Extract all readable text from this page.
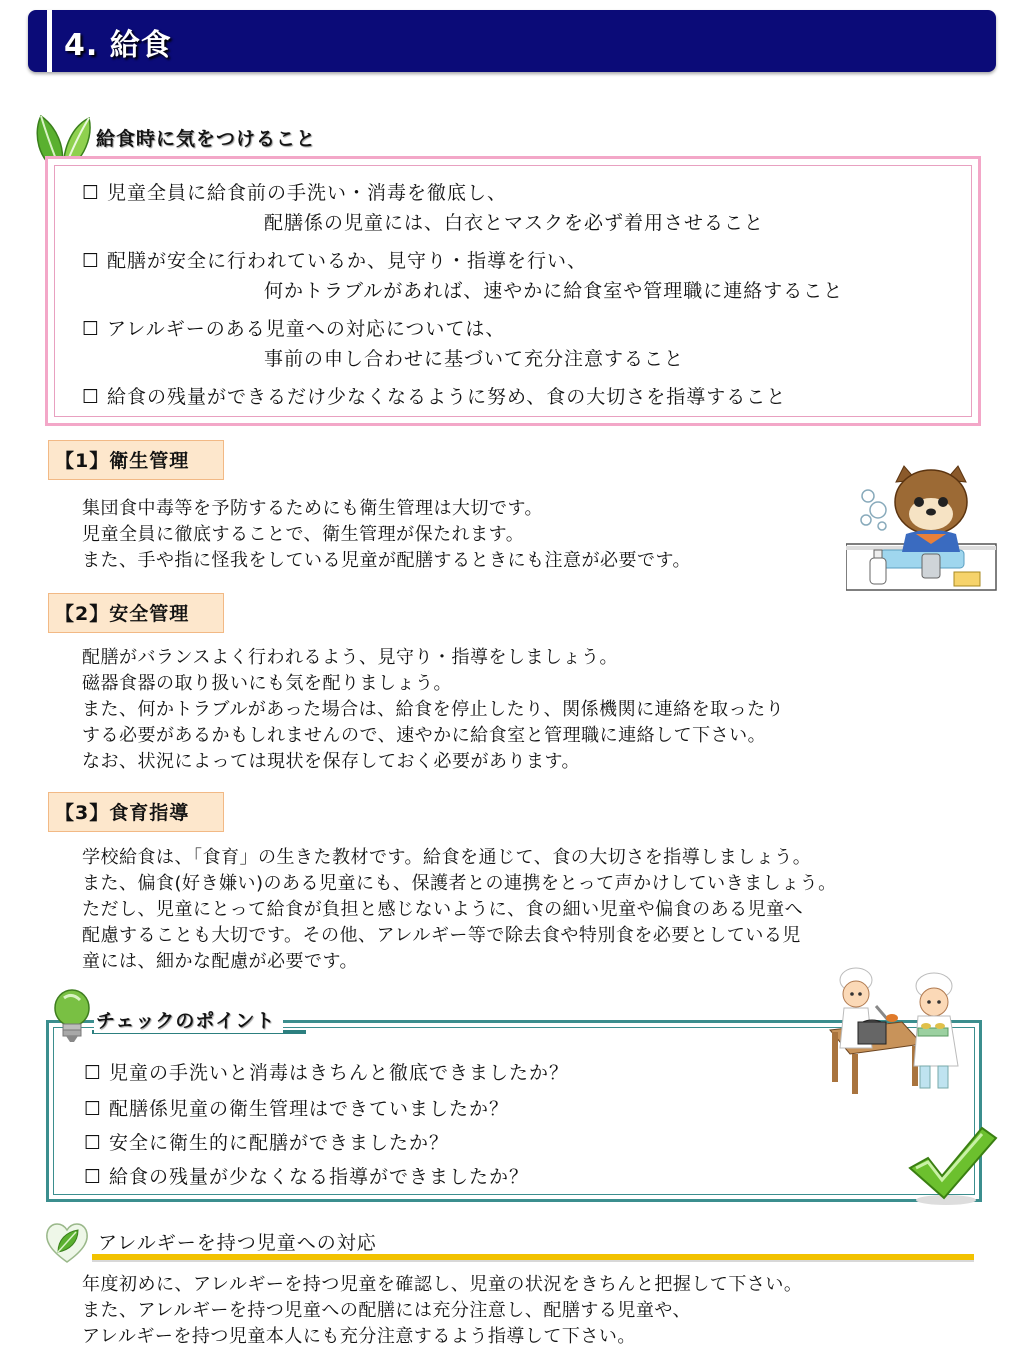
4. 給食
給食時に気をつけること
☐ 児童全員に給食前の手洗い・消毒を徹底し、
配膳係の児童には、白衣とマスクを必ず着用させること
☐ 配膳が安全に行われているか、見守り・指導を行い、
何かトラブルがあれば、速やかに給食室や管理職に連絡すること
☐ アレルギーのある児童への対応については、
事前の申し合わせに基づいて充分注意すること
☐ 給食の残量ができるだけ少なくなるように努め、食の大切さを指導すること
【1】衛生管理
集団食中毒等を予防するためにも衛生管理は大切です。
児童全員に徹底することで、衛生管理が保たれます。
また、手や指に怪我をしている児童が配膳するときにも注意が必要です。
【2】安全管理
配膳がバランスよく行われるよう、見守り・指導をしましょう。
磁器食器の取り扱いにも気を配りましょう。
また、何かトラブルがあった場合は、給食を停止したり、関係機関に連絡を取ったり
する必要があるかもしれませんので、速やかに給食室と管理職に連絡して下さい。
なお、状況によっては現状を保存しておく必要があります。
【3】食育指導
学校給食は、「食育」の生きた教材です。給食を通じて、食の大切さを指導しましょう。
また、偏食(好き嫌い)のある児童にも、保護者との連携をとって声かけしていきましょう。
ただし、児童にとって給食が負担と感じないように、食の細い児童や偏食のある児童へ
配慮することも大切です。その他、アレルギー等で除去食や特別食を必要としている児
童には、細かな配慮が必要です。
チェックのポイント
☐ 児童の手洗いと消毒はきちんと徹底できましたか？
☐ 配膳係児童の衛生管理はできていましたか？
☐ 安全に衛生的に配膳ができましたか？
☐ 給食の残量が少なくなる指導ができましたか？
アレルギーを持つ児童への対応
年度初めに、アレルギーを持つ児童を確認し、児童の状況をきちんと把握して下さい。
また、アレルギーを持つ児童への配膳には充分注意し、配膳する児童や、
アレルギーを持つ児童本人にも充分注意するよう指導して下さい。
